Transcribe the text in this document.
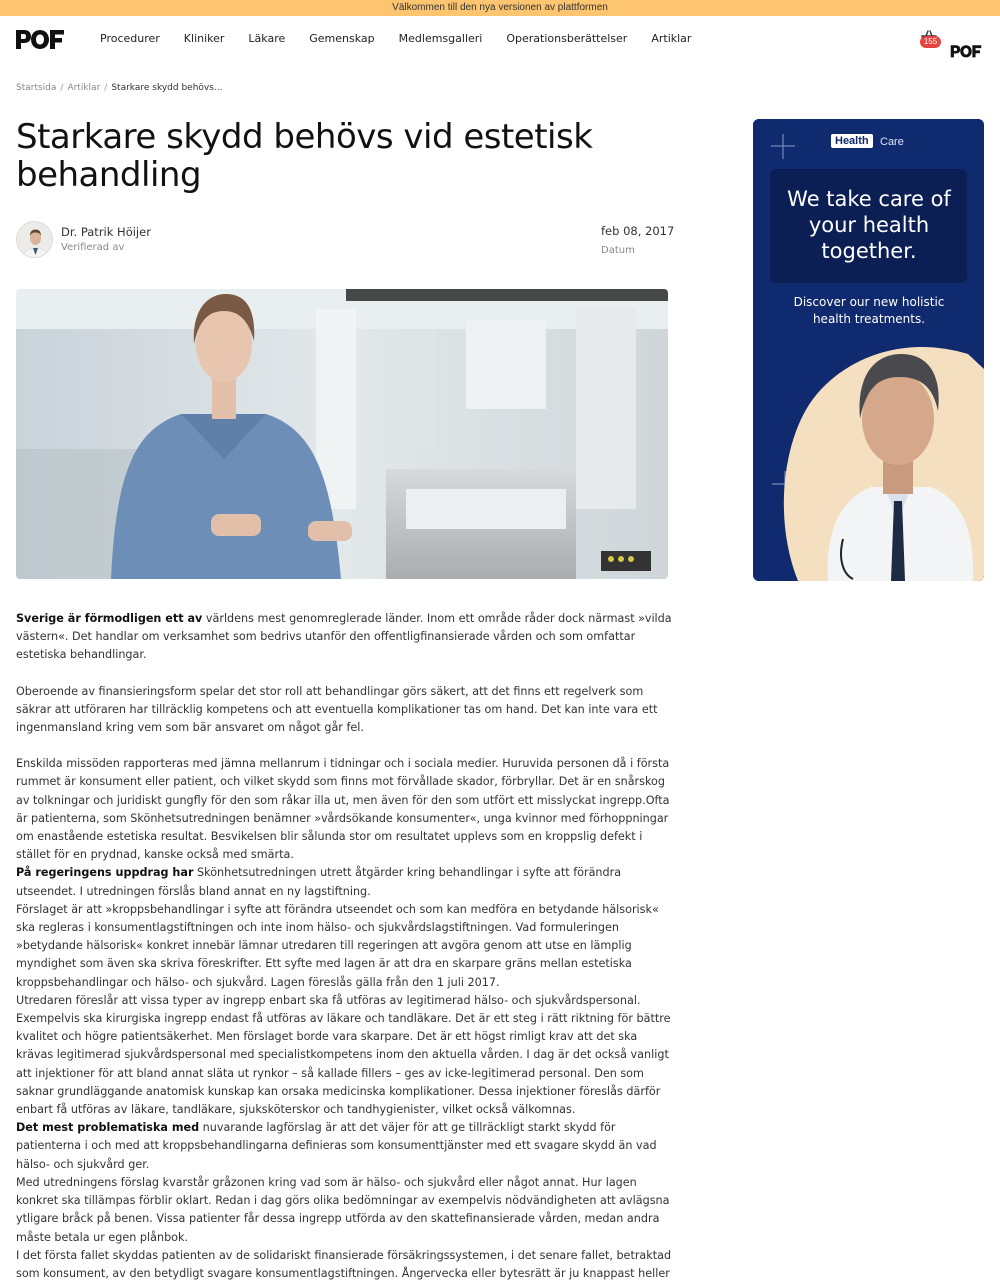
Välkommen till den nya versionen av plattformen
Procedurer Kliniker Läkare Gemenskap Medlemsgalleri Operationsberättelser Artiklar	155
Startsida / Artiklar / Starkare skydd behövs...
Starkare skydd behövs vid estetisk behandling
Dr. Patrik Höijer
Verifierad av
feb 08, 2017
Datum
Health	Care
We take care of your health together.
Discover our new holistic health treatments.

Sverige är förmodligen ett av världens mest genomreglerade länder. Inom ett område råder dock närmast »vilda västern«. Det handlar om verksamhet som bedrivs utanför den offentligfinansierade vården och som omfattar estetiska behandlingar.

Oberoende av finansieringsform spelar det stor roll att behandlingar görs säkert, att det finns ett regelverk som säkrar att utföraren har tillräcklig kompetens och att eventuella komplikationer tas om hand. Det kan inte vara ett ingenmansland kring vem som bär ansvaret om något går fel.

Enskilda missöden rapporteras med jämna mellanrum i tidningar och i sociala medier. Huruvida personen då i första rummet är konsument eller patient, och vilket skydd som finns mot förvållade skador, förbryllar. Det är en snårskog av tolkningar och juridiskt gungfly för den som råkar illa ut, men även för den som utfört ett misslyckat ingrepp.Ofta är patienterna, som Skönhetsutredningen benämner »vårdsökande konsumenter«, unga kvinnor med förhoppningar om enastående estetiska resultat. Besvikelsen blir sålunda stor om resultatet upplevs som en kroppslig defekt i stället för en prydnad, kanske också med smärta.

På regeringens uppdrag har Skönhetsutredningen utrett åtgärder kring behandlingar i syfte att förändra utseendet. I utredningen förslås bland annat en ny lagstiftning.

Förslaget är att »kroppsbehandlingar i syfte att förändra utseendet och som kan medföra en betydande hälsorisk« ska regleras i konsumentlagstiftningen och inte inom hälso- och sjukvårdslagstiftningen. Vad formuleringen »betydande hälsorisk« konkret innebär lämnar utredaren till regeringen att avgöra genom att utse en lämplig myndighet som även ska skriva föreskrifter. Ett syfte med lagen är att dra en skarpare gräns mellan estetiska kroppsbehandlingar och hälso- och sjukvård. Lagen föreslås gälla från den 1 juli 2017.

Utredaren föreslår att vissa typer av ingrepp enbart ska få utföras av legitimerad hälso- och sjukvårdspersonal. Exempelvis ska kirurgiska ingrepp endast få utföras av läkare och tandläkare. Det är ett steg i rätt riktning för bättre kvalitet och högre patientsäkerhet. Men förslaget borde vara skarpare. Det är ett högst rimligt krav att det ska krävas legitimerad sjukvårdspersonal med specialistkompetens inom den aktuella vården. I dag är det också vanligt att injektioner för att bland annat släta ut rynkor – så kallade fillers – ges av icke-legitimerad personal. Den som saknar grundläggande anatomisk kunskap kan orsaka medicinska komplikationer. Dessa injektioner föreslås därför enbart få utföras av läkare, tandläkare, sjuksköterskor och tandhygienister, vilket också välkomnas.

Det mest problematiska med nuvarande lagförslag är att det väjer för att ge tillräckligt starkt skydd för patienterna i och med att kroppsbehandlingarna definieras som konsumenttjänster med ett svagare skydd än vad hälso- och sjukvård ger.

Med utredningens förslag kvarstår gråzonen kring vad som är hälso- och sjukvård eller något annat. Hur lagen konkret ska tillämpas förblir oklart. Redan i dag görs olika bedömningar av exempelvis nödvändigheten att avlägsna ytligare bråck på benen. Vissa patienter får dessa ingrepp utförda av den skattefinansierade vården, medan andra måste betala ur egen plånbok.

I det första fallet skyddas patienten av de solidariskt finansierade försäkringssystemen, i det senare fallet, betraktad som konsument, av den betydligt svagare konsumentlagstiftningen. Ångervecka eller bytesrätt är ju knappast heller
